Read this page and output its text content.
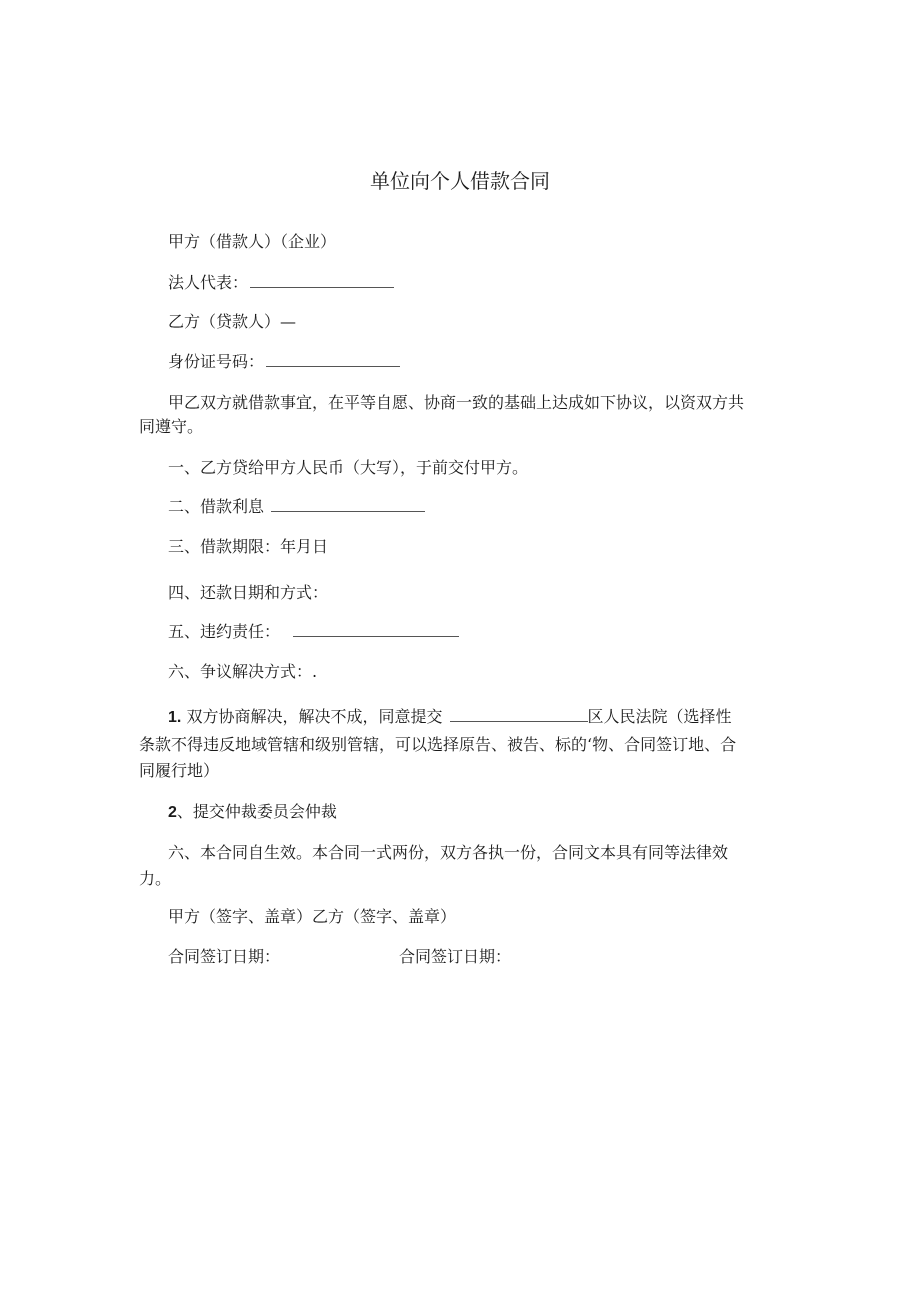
单位向个人借款合同
甲方（借款人）（企业）
法人代表：
乙方（贷款人）—
身份证号码：
甲乙双方就借款事宜，在平等自愿、协商一致的基础上达成如下协议，以资双方共
同遵守。
一、乙方贷给甲方人民币（大写），于前交付甲方。
二、借款利息
三、借款期限：年月日
四、还款日期和方式：
五、违约责任：
六、争议解决方式：.
1. 双方协商解决，解决不成，同意提交	区人民法院（选择性
条款不得违反地域管辖和级别管辖，可以选择原告、被告、标的‘物、合同签订地、合
同履行地）
2、提交仲裁委员会仲裁
六、本合同自生效。本合同一式两份，双方各执一份，合同文本具有同等法律效
力。
甲方（签字、盖章）乙方（签字、盖章）
合同签订日期：	合同签订日期：
